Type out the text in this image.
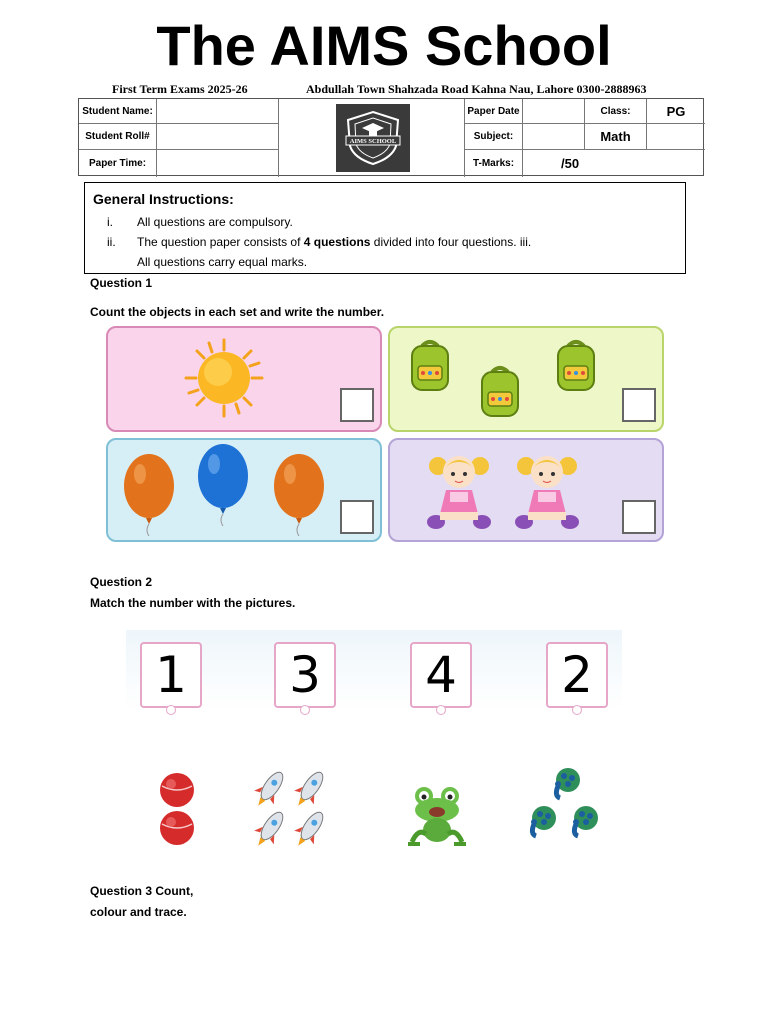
The AIMS School
First Term Exams 2025-26	Abdullah Town Shahzada Road Kahna Nau, Lahore 0300-2888963
Student Name:
Student Roll#
Paper Time:
Paper Date	Class:	PG
Subject:	Math
T-Marks:	/50
AIMS SCHOOL
General Instructions:
i. All questions are compulsory.
ii. The question paper consists of 4 questions divided into four questions. iii.
All questions carry equal marks.
Question 1
Count the objects in each set and write the number.
Question 2
Match the number with the pictures.
1	3	4	2
Question 3 Count,
colour and trace.
